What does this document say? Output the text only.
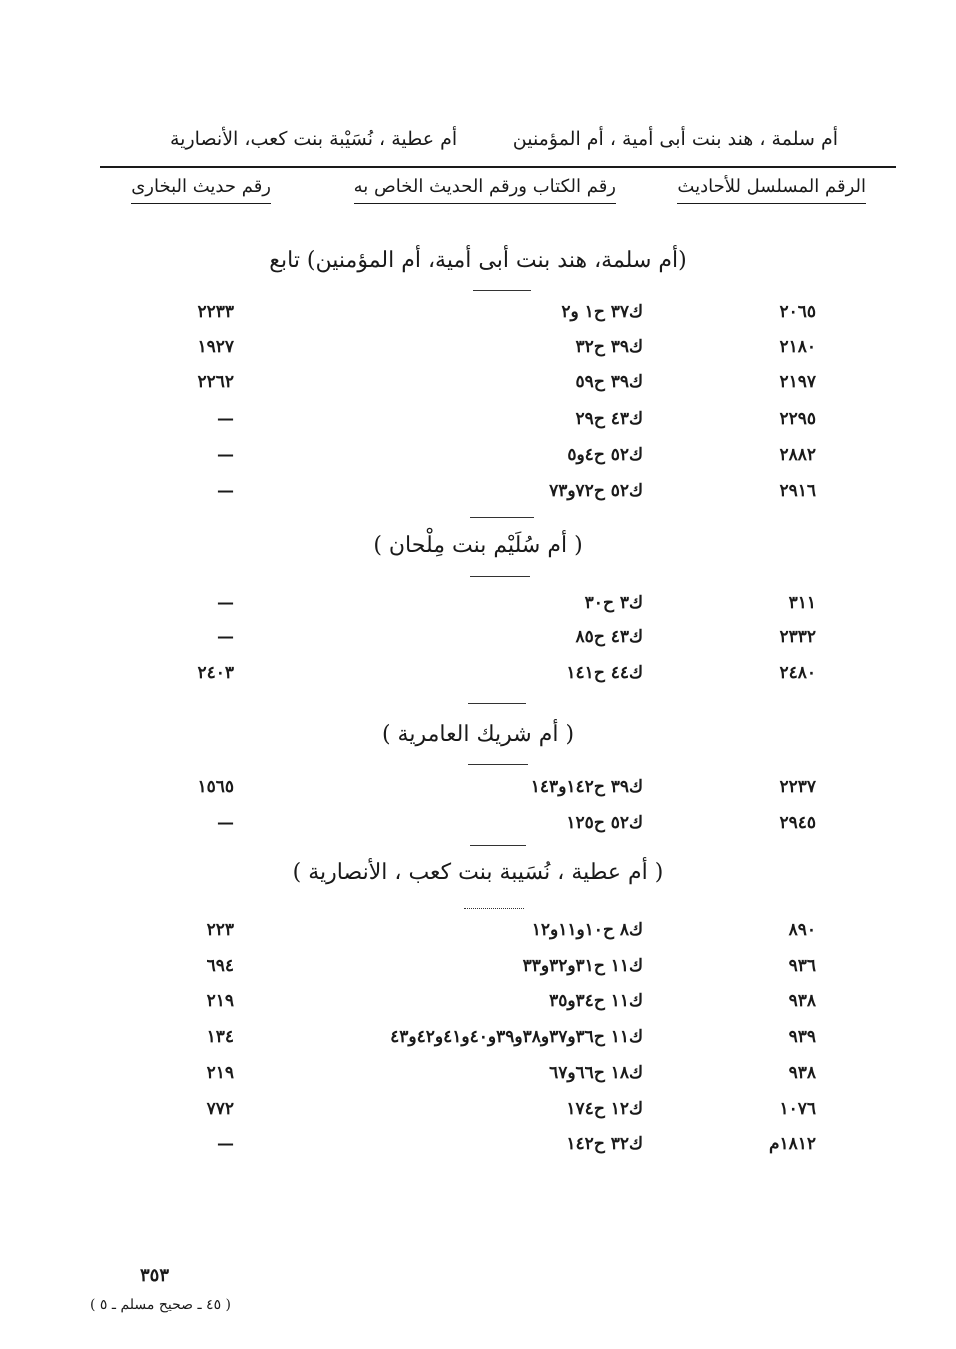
أم سلمة ، هند بنت أبى أمية ، أم المؤمنين
أم عطية ، نُسَيْبة بنت كعب، الأنصارية
الرقم المسلسل للأحاديث
رقم الكتاب ورقم الحديث الخاص به
رقم حديث البخارى
(أم سلمة، هند بنت أبى أمية، أم المؤمنين) تابع
٢٠٦٥
ك٣٧ ح١ و٢
٢٢٣٣
٢١٨٠
ك٣٩ ح٣٢
١٩٢٧
٢١٩٧
ك٣٩ ح٥٩
٢٢٦٢
٢٢٩٥
ك٤٣ ح٢٩
—
٢٨٨٢
ك٥٢ ح٤و٥
—
٢٩١٦
ك٥٢ ح٧٢و٧٣
—
( أم سُلَيْم بنت مِلْحان )
٣١١
ك٣ ح٣٠
—
٢٣٣٢
ك٤٣ ح٨٥
—
٢٤٨٠
ك٤٤ ح١٤١
٢٤٠٣
( أم شريك العامرية )
٢٢٣٧
ك٣٩ ح١٤٢و١٤٣
١٥٦٥
٢٩٤٥
ك٥٢ ح١٢٥
—
( أم عطية ، نُسَيبة بنت كعب ، الأنصارية )
٨٩٠
ك٨ ح١٠و١١و١٢
٢٢٣
٩٣٦
ك١١ ح٣١و٣٢و٣٣
٦٩٤
٩٣٨
ك١١ ح٣٤و٣٥
٢١٩
٩٣٩
ك١١ ح٣٦و٣٧و٣٨و٣٩و٤٠و٤١و٤٢و٤٣
١٣٤
٩٣٨
ك١٨ ح٦٦و٦٧
٢١٩
١٠٧٦
ك١٢ ح١٧٤
٧٧٢
١٨١٢م
ك٣٢ ح١٤٢
—
٣٥٣
( ٤٥ ـ صحيح مسلم ـ ٥ )
